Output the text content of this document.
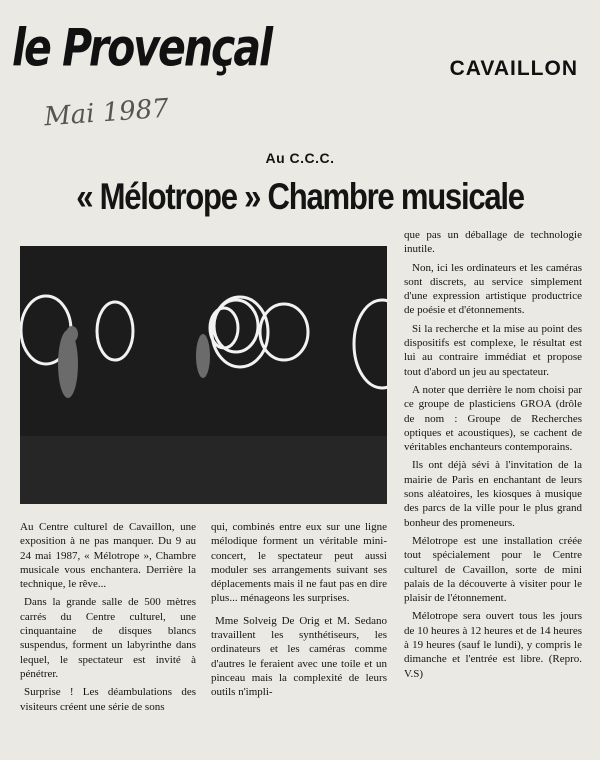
le Provençal	CAVAILLON
Mai 1987
Au C.C.C.
« Mélotrope » Chambre musicale

Au Centre culturel de Cavaillon, une exposition à ne pas manquer. Du 9 au 24 mai 1987, « Mélotrope », Chambre musicale vous enchantera. Derrière la technique, le rêve...

Dans la grande salle de 500 mètres carrés du Centre culturel, une cinquantaine de disques blancs suspendus, forment un labyrinthe dans lequel, le spectateur est invité à pénétrer.

Surprise ! Les déambulations des visiteurs créent une série de sons

qui, combinés entre eux sur une ligne mélodique forment un véritable mini-concert, le spectateur peut aussi moduler ses arrangements suivant ses déplacements mais il ne faut pas en dire plus... ménageons les surprises.

Mme Solveig De Orig et M. Sedano travaillent les synthétiseurs, les ordinateurs et les caméras comme d'autres le feraient avec une toile et un pinceau mais la complexité de leurs outils n'impli-

que pas un déballage de technologie inutile.

Non, ici les ordinateurs et les caméras sont discrets, au service simplement d'une expression artistique productrice de poésie et d'étonnements.

Si la recherche et la mise au point des dispositifs est complexe, le résultat est lui au contraire immédiat et propose tout d'abord un jeu au spectateur.

A noter que derrière le nom choisi par ce groupe de plasticiens GROA (drôle de nom : Groupe de Recherches optiques et acoustiques), se cachent de véritables enchanteurs contemporains.

Ils ont déjà sévi à l'invitation de la mairie de Paris en enchantant de leurs sons aléatoires, les kiosques à musique des parcs de la ville pour le plus grand bonheur des promeneurs.

Mélotrope est une installation créée tout spécialement pour le Centre culturel de Cavaillon, sorte de mini palais de la découverte à visiter pour le plaisir de l'étonnement.

Mélotrope sera ouvert tous les jours de 10 heures à 12 heures et de 14 heures à 19 heures (sauf le lundi), y compris le dimanche et l'entrée est libre. (Repro. V.S)
